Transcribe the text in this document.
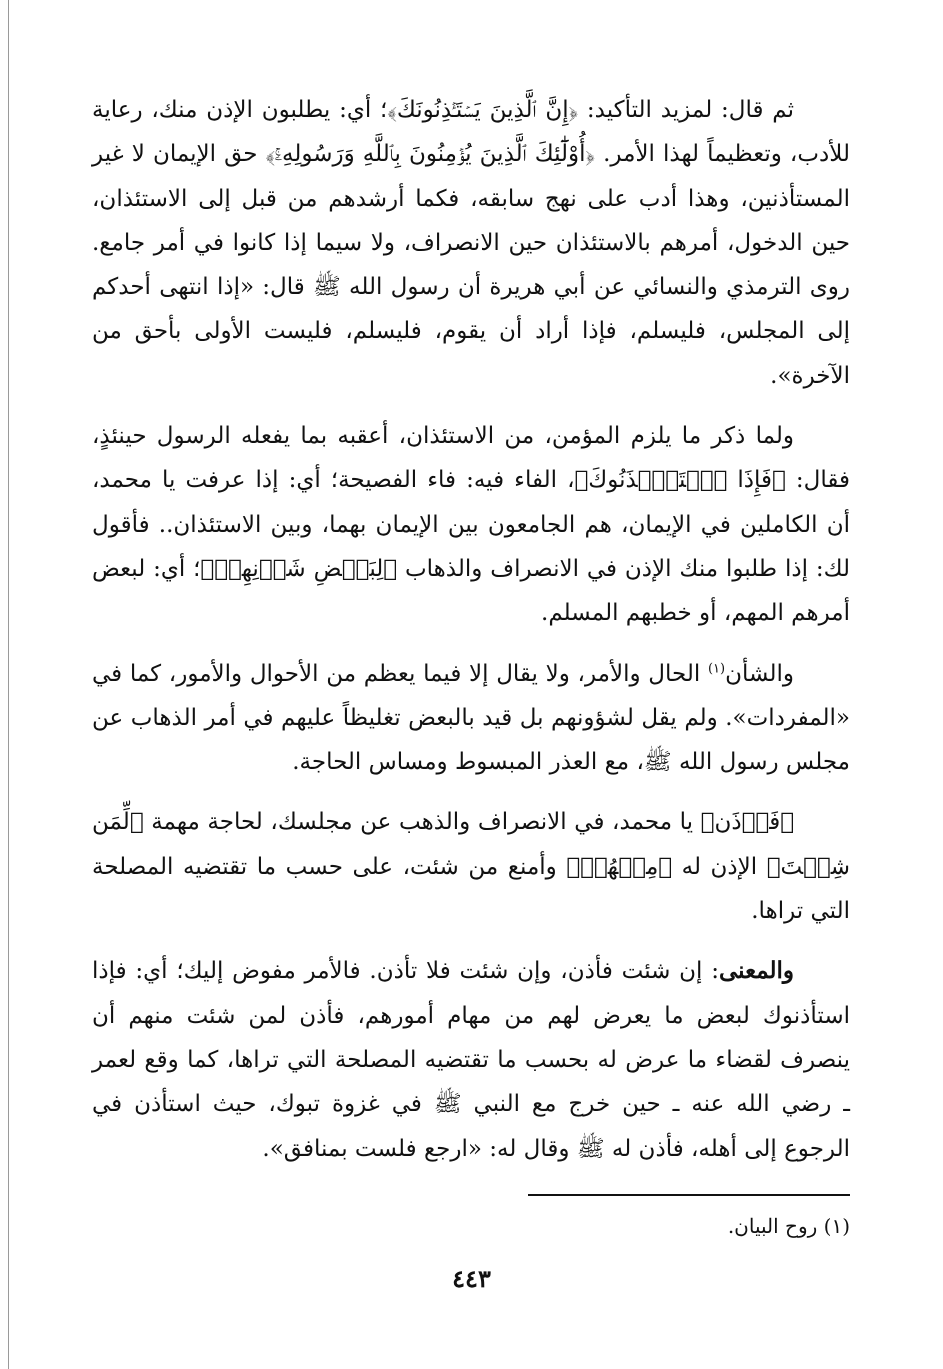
ثم قال: لمزيد التأكيد: ﴿إِنَّ ٱلَّذِينَ يَسۡتَـٔۡذِنُونَكَ﴾؛ أي: يطلبون الإذن منك، رعاية للأدب، وتعظيماً لهذا الأمر. ﴿أُوْلَٰٓئِكَ ٱلَّذِينَ يُؤۡمِنُونَ بِٱللَّهِ وَرَسُولِهِۦۚ﴾ حق الإيمان لا غير المستأذنين، وهذا أدب على نهج سابقه، فكما أرشدهم من قبل إلى الاستئذان، حين الدخول، أمرهم بالاستئذان حين الانصراف، ولا سيما إذا كانوا في أمر جامع. روى الترمذي والنسائي عن أبي هريرة أن رسول الله ﷺ قال: «إذا انتهى أحدكم إلى المجلس، فليسلم، فإذا أراد أن يقوم، فليسلم، فليست الأولى بأحق من الآخرة».

ولما ذكر ما يلزم المؤمن، من الاستئذان، أعقبه بما يفعله الرسول حينئذٍ، فقال: ﴿فَإِذَا ٱسۡتَـٔۡذَنُوكَ﴾، الفاء فيه: فاء الفصيحة؛ أي: إذا عرفت يا محمد، أن الكاملين في الإيمان، هم الجامعون بين الإيمان بهما، وبين الاستئذان.. فأقول لك: إذا طلبوا منك الإذن في الانصراف والذهاب ﴿لِبَعۡضِ شَأۡنِهِمۡ﴾؛ أي: لبعض أمرهم المهم، أو خطبهم المسلم.

والشأن$^{(١)}$ الحال والأمر، ولا يقال إلا فيما يعظم من الأحوال والأمور، كما في «المفردات». ولم يقل لشؤونهم بل قيد بالبعض تغليظاً عليهم في أمر الذهاب عن مجلس رسول الله ﷺ، مع العذر المبسوط ومساس الحاجة.

﴿فَأۡذَن﴾ يا محمد، في الانصراف والذهب عن مجلسك، لحاجة مهمة ﴿لِّمَن شِئۡتَ﴾ الإذن له ﴿مِنۡهُمۡ﴾ وأمنع من شئت، على حسب ما تقتضيه المصلحة التي تراها.

والمعنى: إن شئت فأذن، وإن شئت فلا تأذن. فالأمر مفوض إليك؛ أي: فإذا استأذنوك لبعض ما يعرض لهم من مهام أمورهم، فأذن لمن شئت منهم أن ينصرف لقضاء ما عرض له بحسب ما تقتضيه المصلحة التي تراها، كما وقع لعمر ـ رضي الله عنه ـ حين خرج مع النبي ﷺ في غزوة تبوك، حيث استأذن في الرجوع إلى أهله، فأذن له ﷺ وقال له: «ارجع فلست بمنافق».

(١) روح البيان.
٤٤٣
